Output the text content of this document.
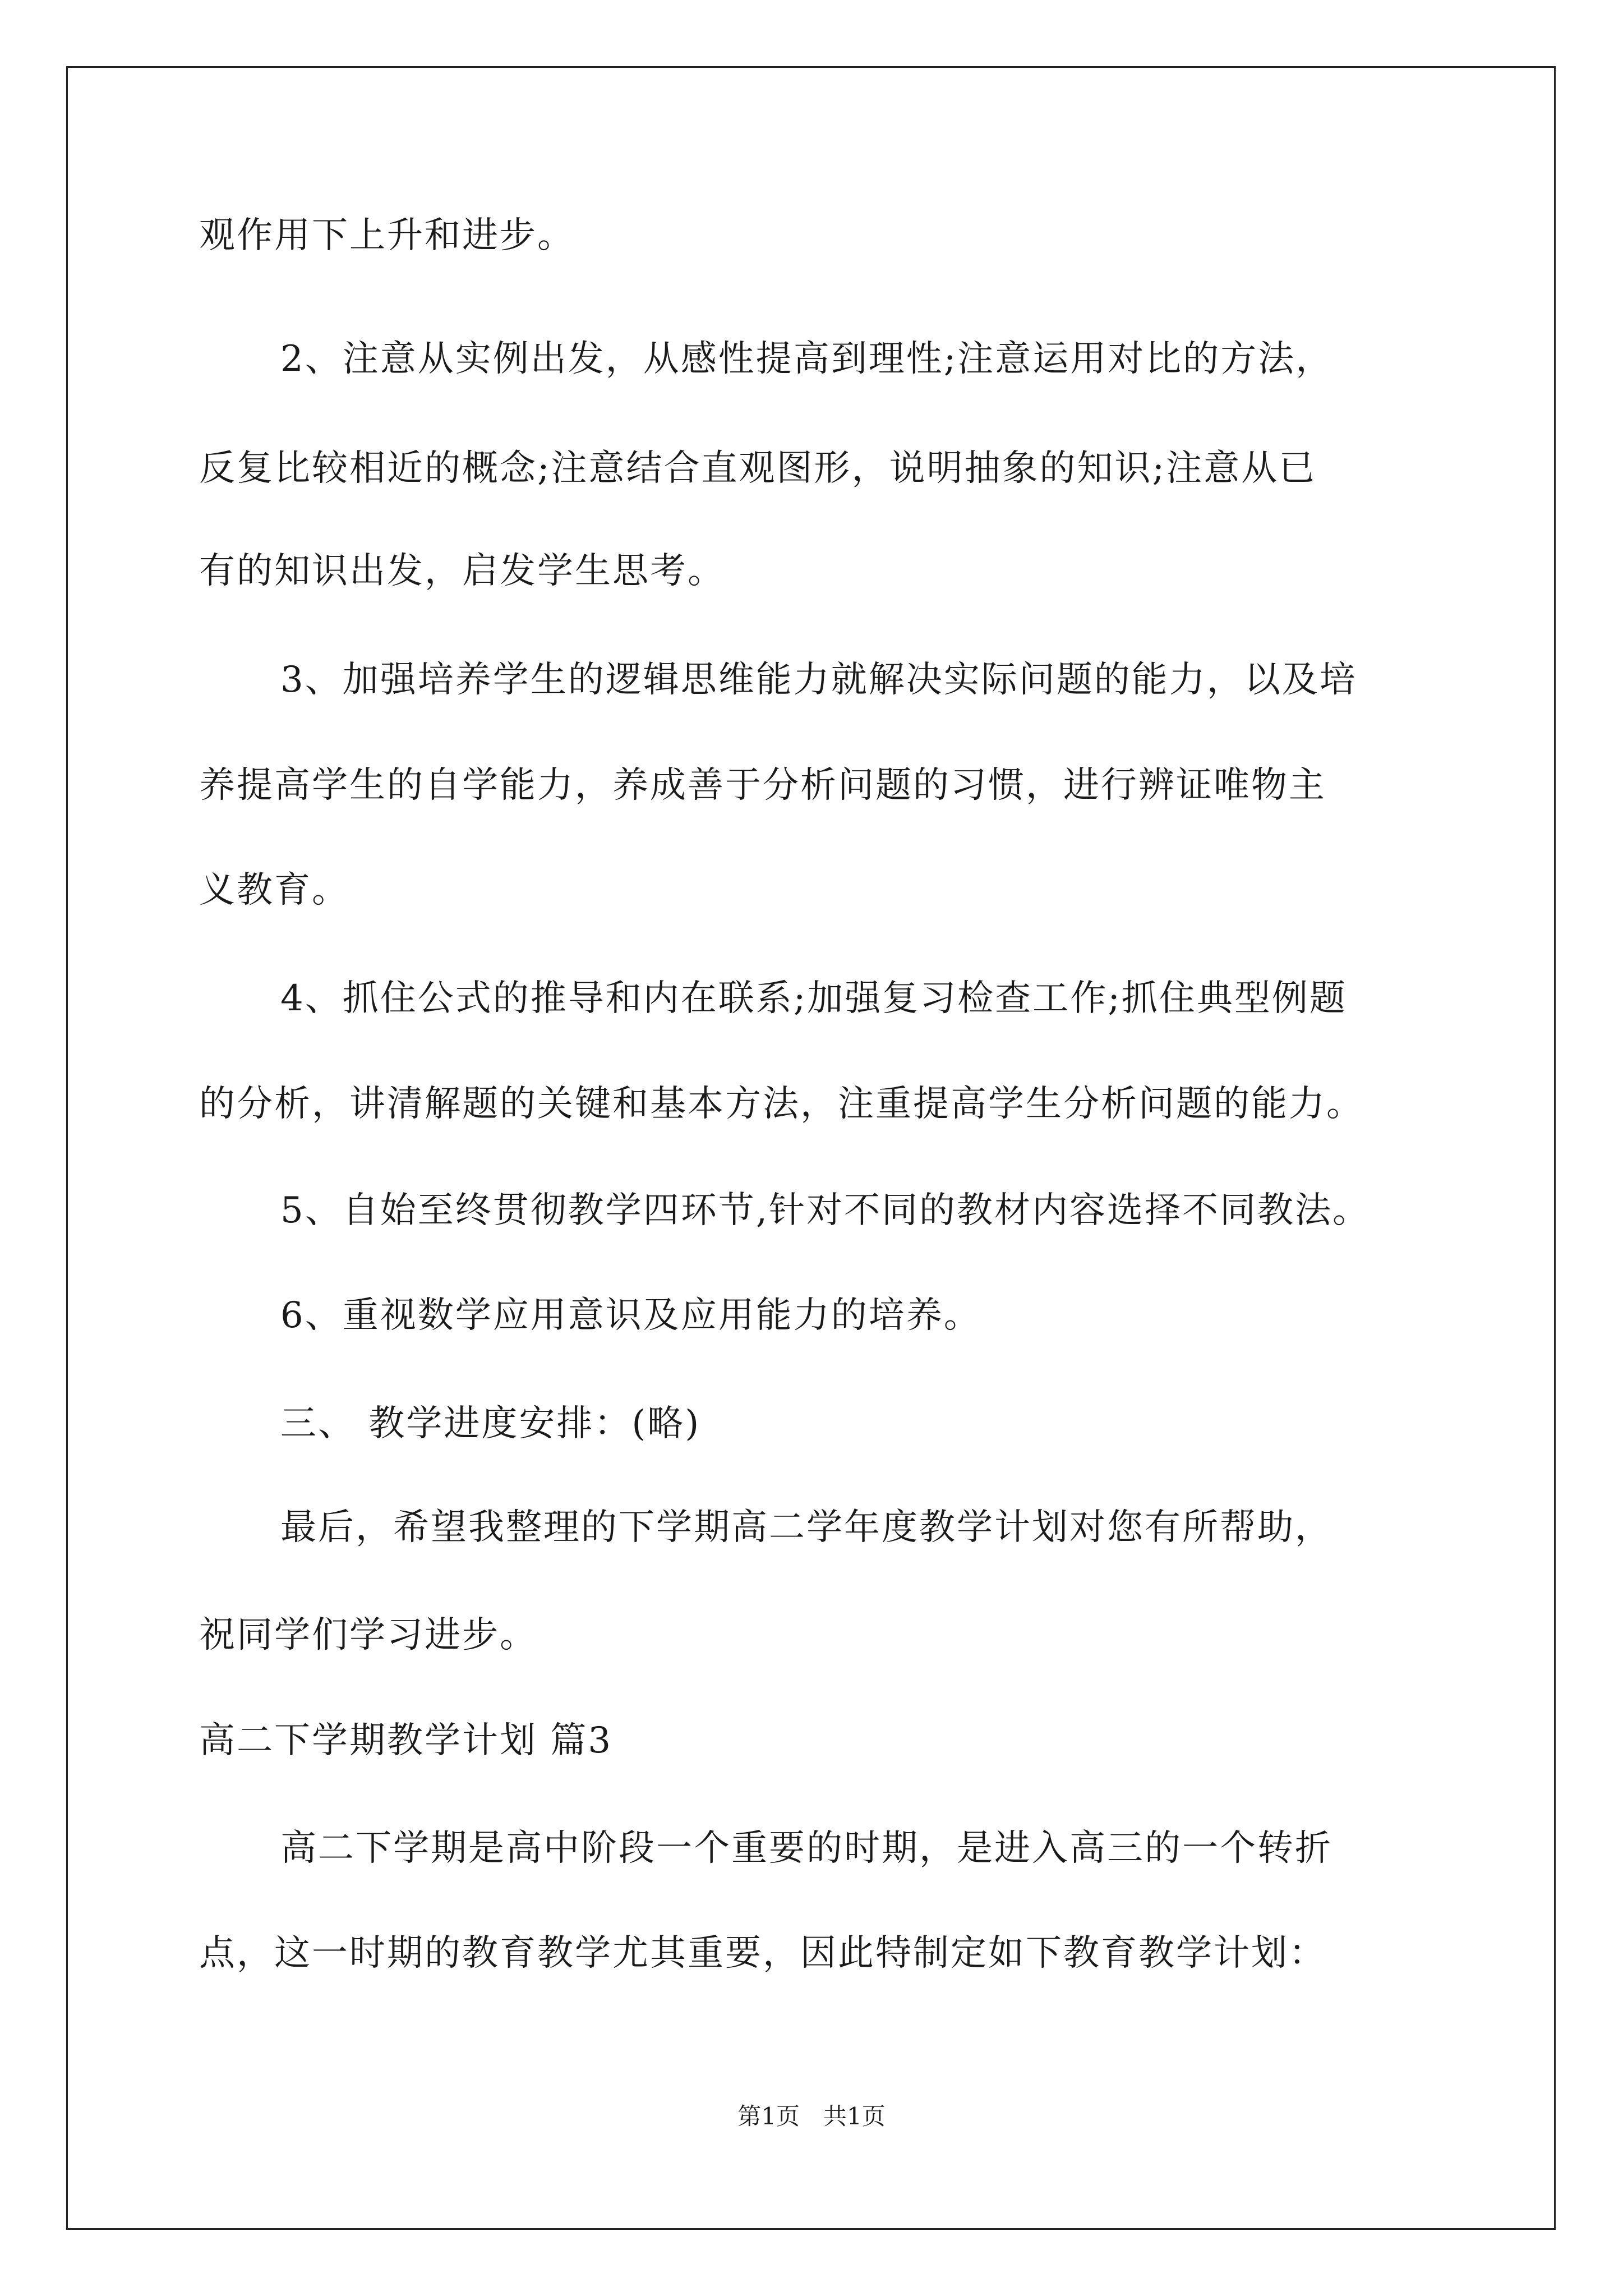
观作用下上升和进步。
2、注意从实例出发，从感性提高到理性;注意运用对比的方法，
反复比较相近的概念;注意结合直观图形，说明抽象的知识;注意从已
有的知识出发，启发学生思考。
3、加强培养学生的逻辑思维能力就解决实际问题的能力，以及培
养提高学生的自学能力，养成善于分析问题的习惯，进行辨证唯物主
义教育。
4、抓住公式的推导和内在联系;加强复习检查工作;抓住典型例题
的分析，讲清解题的关键和基本方法，注重提高学生分析问题的能力。
5、自始至终贯彻教学四环节,针对不同的教材内容选择不同教法。
6、重视数学应用意识及应用能力的培养。
三、 教学进度安排：(略)
最后，希望我整理的下学期高二学年度教学计划对您有所帮助，
祝同学们学习进步。
高二下学期教学计划 篇3
高二下学期是高中阶段一个重要的时期，是进入高三的一个转折
点，这一时期的教育教学尤其重要，因此特制定如下教育教学计划：
第1页　共1页
